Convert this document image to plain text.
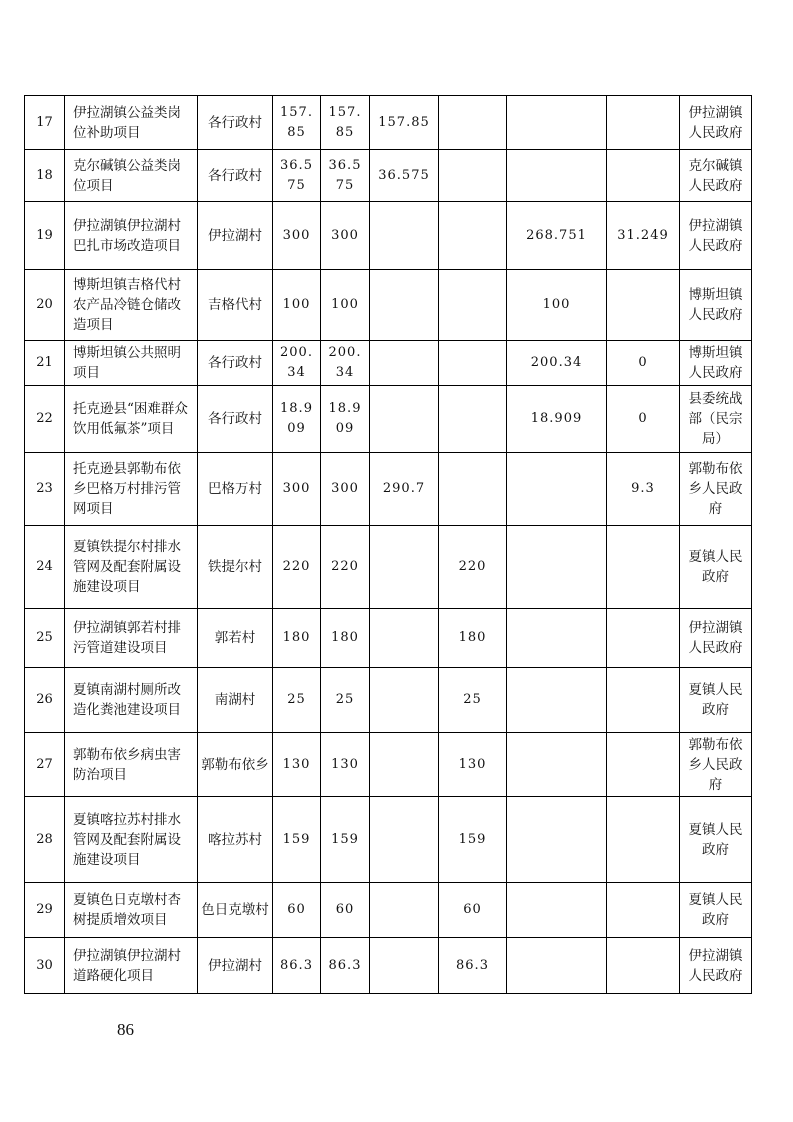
17	伊拉湖镇公益类岗位补助项目	各行政村	157.85	157.85	157.85				伊拉湖镇人民政府
18	克尔碱镇公益类岗位项目	各行政村	36.575	36.575	36.575				克尔碱镇人民政府
19	伊拉湖镇伊拉湖村巴扎市场改造项目	伊拉湖村	300	300			268.751	31.249	伊拉湖镇人民政府
20	博斯坦镇吉格代村农产品冷链仓储改造项目	吉格代村	100	100			100		博斯坦镇人民政府
21	博斯坦镇公共照明项目	各行政村	200.34	200.34			200.34	0	博斯坦镇人民政府
22	托克逊县“困难群众饮用低氟茶”项目	各行政村	18.909	18.909			18.909	0	县委统战部（民宗局）
23	托克逊县郭勒布依乡巴格万村排污管网项目	巴格万村	300	300	290.7			9.3	郭勒布依乡人民政府
24	夏镇铁提尔村排水管网及配套附属设施建设项目	铁提尔村	220	220		220			夏镇人民政府
25	伊拉湖镇郭若村排污管道建设项目	郭若村	180	180		180			伊拉湖镇人民政府
26	夏镇南湖村厕所改造化粪池建设项目	南湖村	25	25		25			夏镇人民政府
27	郭勒布依乡病虫害防治项目	郭勒布依乡	130	130		130			郭勒布依乡人民政府
28	夏镇喀拉苏村排水管网及配套附属设施建设项目	喀拉苏村	159	159		159			夏镇人民政府
29	夏镇色日克墩村杏树提质增效项目	色日克墩村	60	60		60			夏镇人民政府
30	伊拉湖镇伊拉湖村道路硬化项目	伊拉湖村	86.3	86.3		86.3			伊拉湖镇人民政府
86
